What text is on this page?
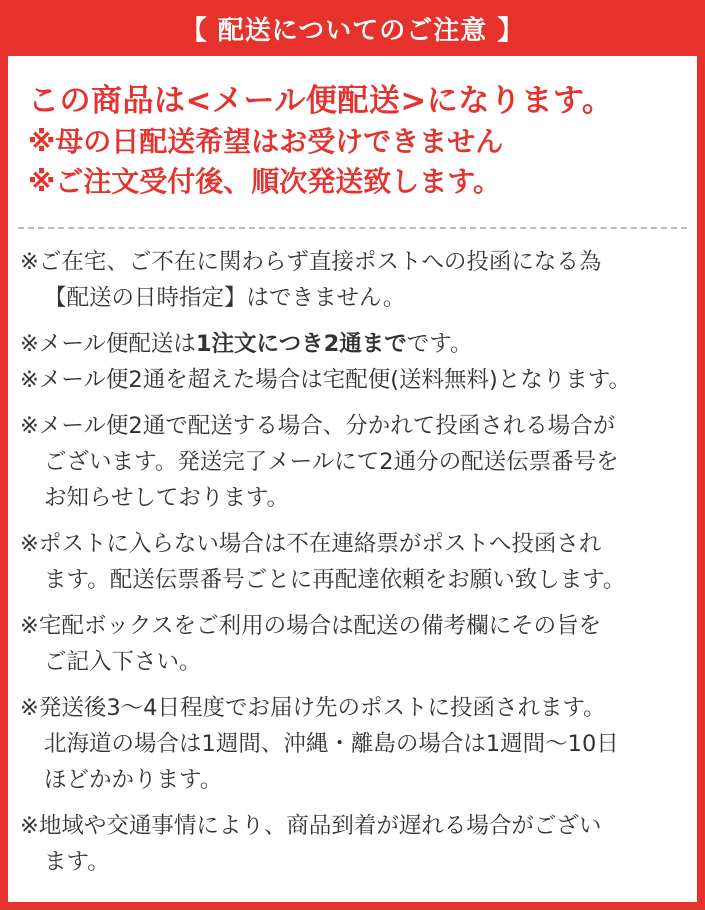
【 配送についてのご注意 】
この商品は<メール便配送>になります。
※母の日配送希望はお受けできません
※ご注文受付後、順次発送致します。
※ご在宅、ご不在に関わらず直接ポストへの投函になる為
【配送の日時指定】はできません。
※メール便配送は1注文につき2通までです。
※メール便2通を超えた場合は宅配便(送料無料)となります。
※メール便2通で配送する場合、分かれて投函される場合が
ございます。発送完了メールにて2通分の配送伝票番号を
お知らせしております。
※ポストに入らない場合は不在連絡票がポストへ投函され
ます。配送伝票番号ごとに再配達依頼をお願い致します。
※宅配ボックスをご利用の場合は配送の備考欄にその旨を
ご記入下さい。
※発送後3〜4日程度でお届け先のポストに投函されます。
北海道の場合は1週間、沖縄・離島の場合は1週間〜10日
ほどかかります。
※地域や交通事情により、商品到着が遅れる場合がござい
ます。
